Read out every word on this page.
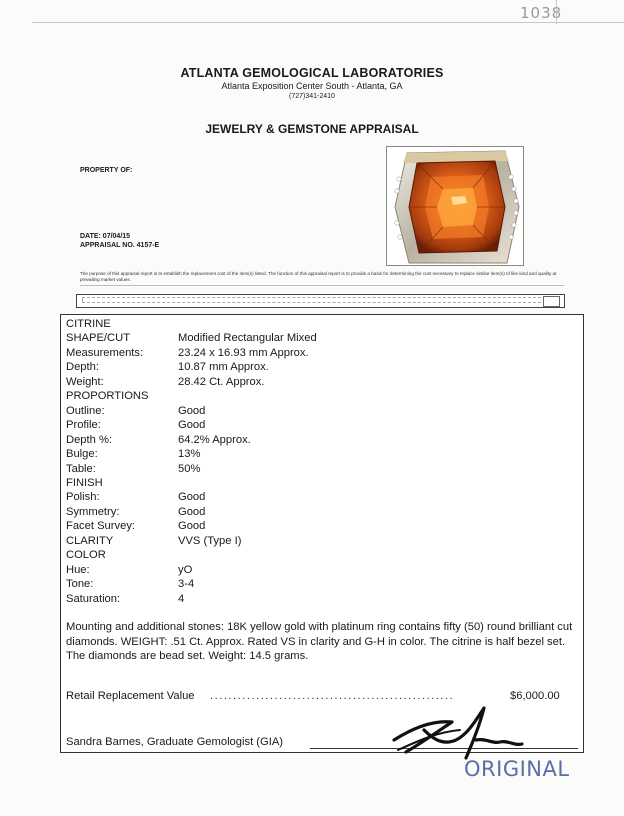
1038
ATLANTA GEMOLOGICAL LABORATORIES
Atlanta Exposition Center South - Atlanta, GA
(727)341-2410
JEWELRY & GEMSTONE APPRAISAL
PROPERTY OF:
DATE: 07/04/15
APPRAISAL NO. 4157-E
The purpose of this appraisal report is to establish the replacement cost of the item(s) listed. The function of this appraisal report is to provide a basis for determining the cost necessary to replace similar item(s) of like kind and quality at prevailing market values.
CITRINE
SHAPE/CUT	Modified Rectangular Mixed
Measurements:	23.24 x 16.93 mm Approx.
Depth:	10.87 mm Approx.
Weight:	28.42 Ct. Approx.
PROPORTIONS
Outline:	Good
Profile:	Good
Depth %:	64.2% Approx.
Bulge:	13%
Table:	50%
FINISH
Polish:	Good
Symmetry:	Good
Facet Survey:	Good
CLARITY	VVS (Type I)
COLOR
Hue:	yO
Tone:	3-4
Saturation:	4
Mounting and additional stones: 18K yellow gold with platinum ring contains fifty (50) round brilliant cut diamonds. WEIGHT: .51 Ct. Approx. Rated VS in clarity and G-H in color. The citrine is half bezel set. The diamonds are bead set. Weight: 14.5 grams.
Retail Replacement Value .....................................................	$6,000.00
Sandra Barnes, Graduate Gemologist (GIA)
ORIGINAL
